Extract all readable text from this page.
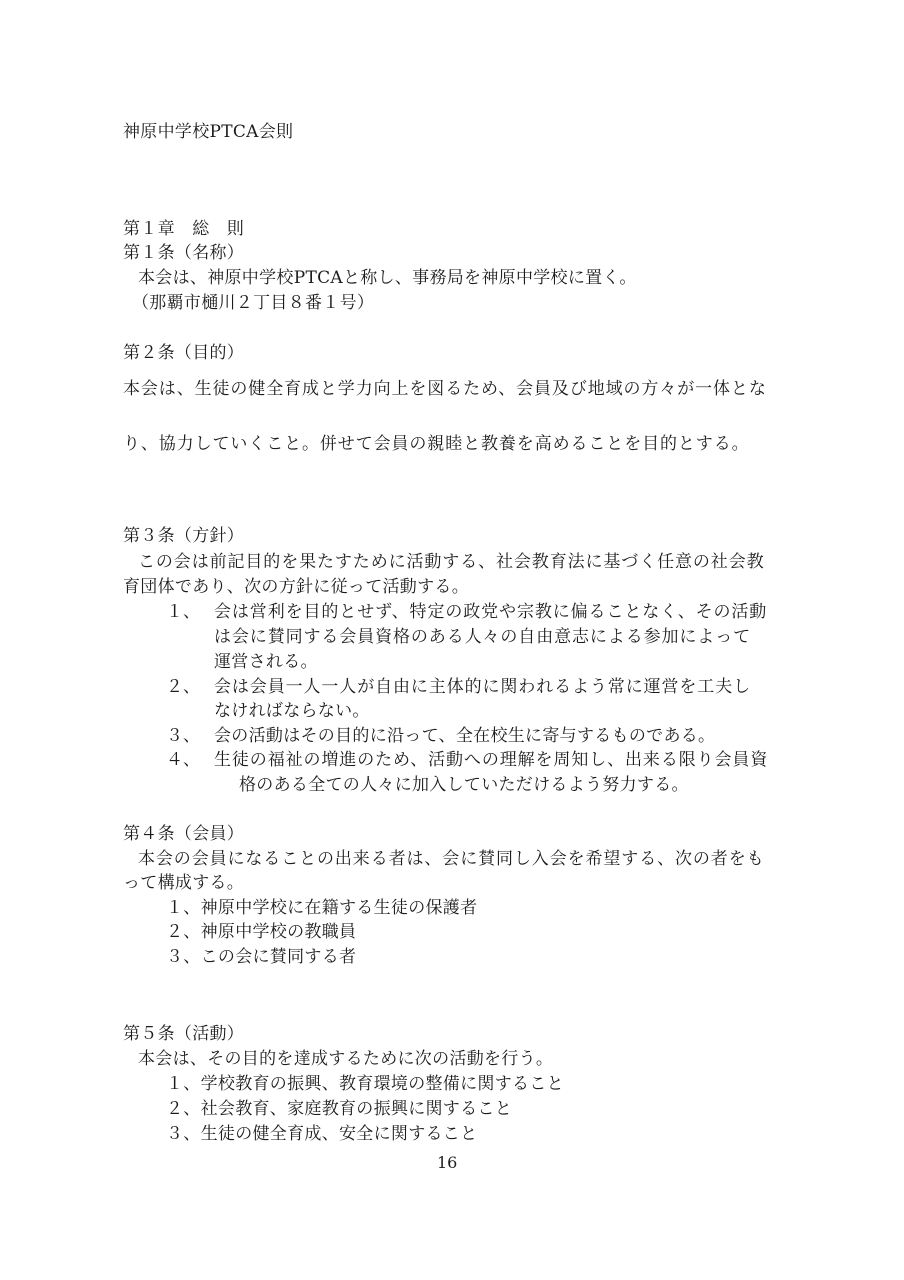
神原中学校PTCA会則
第１章　総　則
第１条（名称）
本会は、神原中学校PTCAと称し、事務局を神原中学校に置く。
（那覇市樋川２丁目８番１号）
第２条（目的）
本会は、生徒の健全育成と学力向上を図るため、会員及び地域の方々が一体とな
り、協力していくこと。併せて会員の親睦と教養を高めることを目的とする。
第３条（方針）
この会は前記目的を果たすために活動する、社会教育法に基づく任意の社会教
育団体であり、次の方針に従って活動する。
１、 会は営利を目的とせず、特定の政党や宗教に偏ることなく、その活動
は会に賛同する会員資格のある人々の自由意志による参加によって
運営される。
２、 会は会員一人一人が自由に主体的に関われるよう常に運営を工夫し
なければならない。
３、 会の活動はその目的に沿って、全在校生に寄与するものである。
４、 生徒の福祉の増進のため、活動への理解を周知し、出来る限り会員資
格のある全ての人々に加入していただけるよう努力する。
第４条（会員）
本会の会員になることの出来る者は、会に賛同し入会を希望する、次の者をも
って構成する。
１、神原中学校に在籍する生徒の保護者
２、神原中学校の教職員
３、この会に賛同する者
第５条（活動）
本会は、その目的を達成するために次の活動を行う。
１、学校教育の振興、教育環境の整備に関すること
２、社会教育、家庭教育の振興に関すること
３、生徒の健全育成、安全に関すること
16
